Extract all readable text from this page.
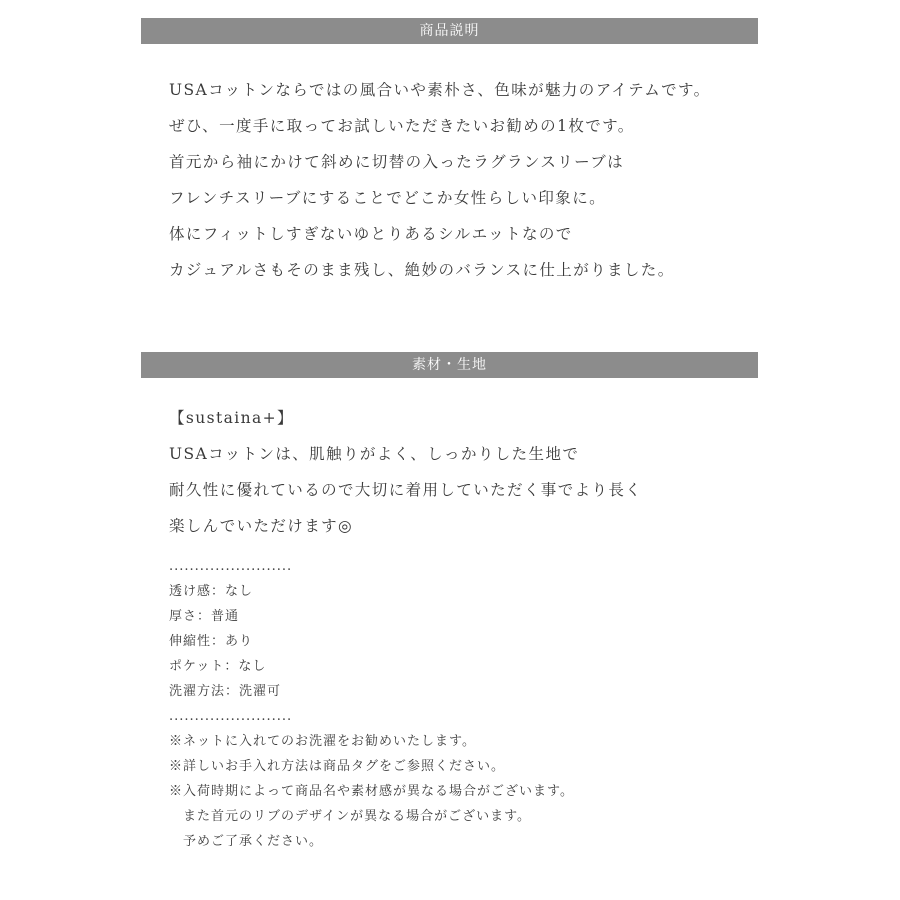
商品説明
USAコットンならではの風合いや素朴さ、色味が魅力のアイテムです。
ぜひ、一度手に取ってお試しいただきたいお勧めの1枚です。
首元から袖にかけて斜めに切替の入ったラグランスリーブは
フレンチスリーブにすることでどこか女性らしい印象に。
体にフィットしすぎないゆとりあるシルエットなので
カジュアルさもそのまま残し、絶妙のバランスに仕上がりました。
素材・生地
【sustaina+】
USAコットンは、肌触りがよく、しっかりした生地で
耐久性に優れているので大切に着用していただく事でより長く
楽しんでいただけます◎
........................
透け感：なし
厚さ：普通
伸縮性：あり
ポケット：なし
洗濯方法：洗濯可
........................
※ネットに入れてのお洗濯をお勧めいたします。
※詳しいお手入れ方法は商品タグをご参照ください。
※入荷時期によって商品名や素材感が異なる場合がございます。
また首元のリブのデザインが異なる場合がございます。
予めご了承ください。
